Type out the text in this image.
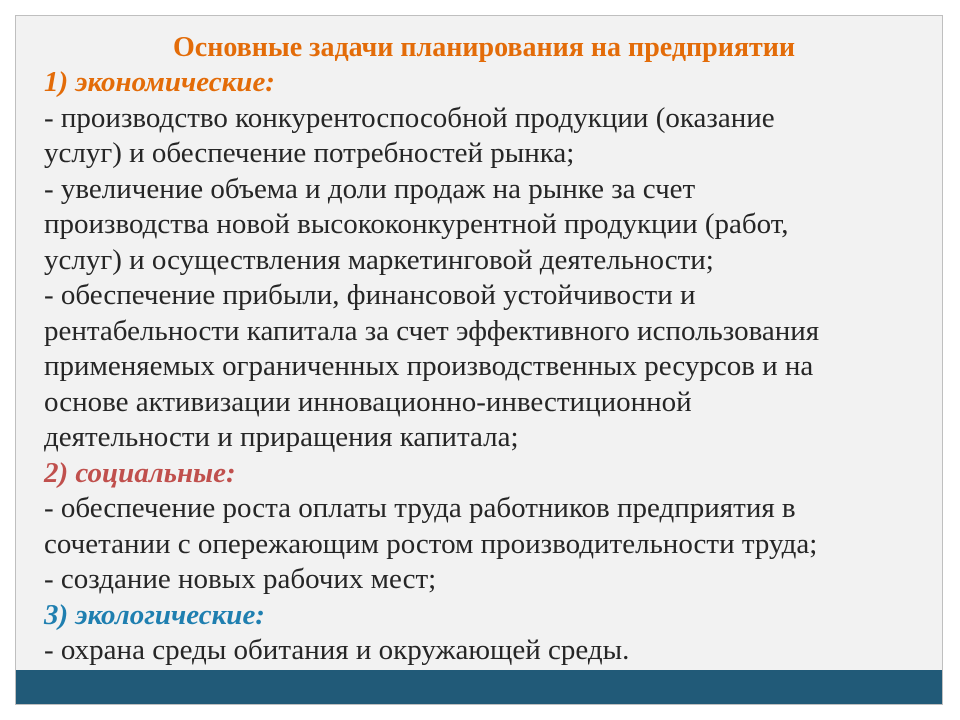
Основные задачи планирования на предприятии

1) экономические:

- производство конкурентоспособной продукции (оказание
услуг) и обеспечение потребностей рынка;

- увеличение объема и доли продаж на рынке за счет
производства новой высококонкурентной продукции (работ,
услуг) и осуществления маркетинговой деятельности;

- обеспечение прибыли, финансовой устойчивости и
рентабельности капитала за счет эффективного использования
применяемых ограниченных производственных ресурсов и на
основе активизации инновационно-инвестиционной
деятельности и приращения капитала;

2) социальные:

- обеспечение роста оплаты труда работников предприятия в
сочетании с опережающим ростом производительности труда;

- создание новых рабочих мест;

3) экологические:

- охрана среды обитания и окружающей среды.
